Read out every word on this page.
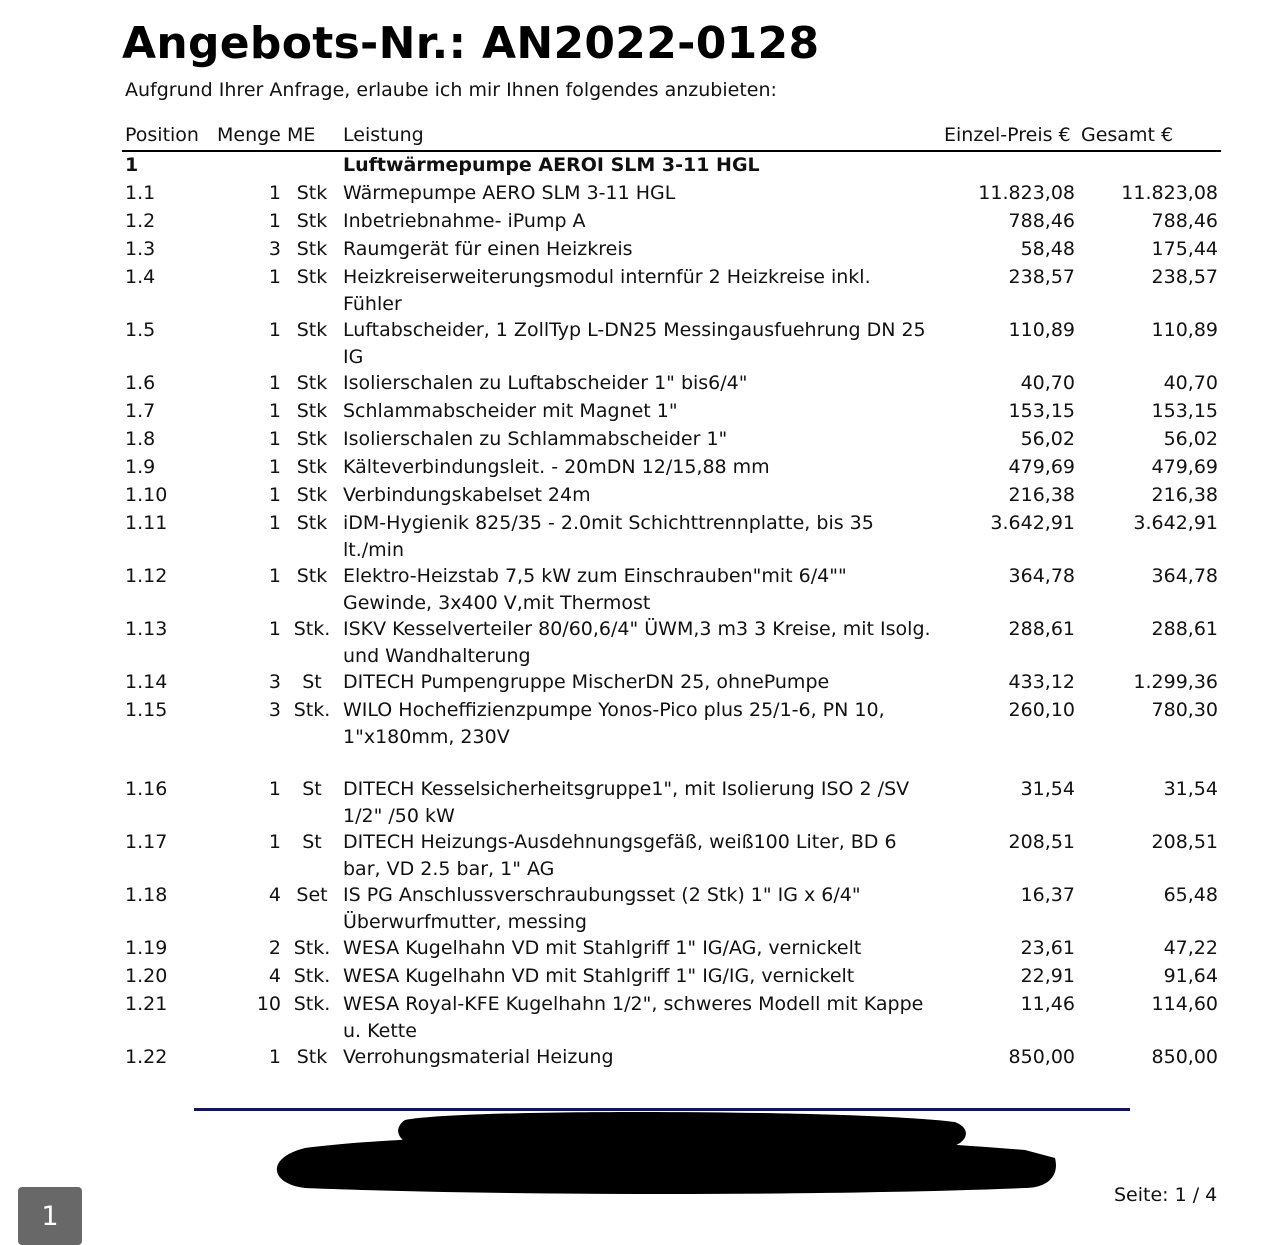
Angebots-Nr.: AN2022-0128
Aufgrund Ihrer Anfrage, erlaube ich mir Ihnen folgendes anzubieten:
Position	Menge	ME	Leistung	Einzel-Preis €	Gesamt €
1			Luftwärmepumpe AEROI SLM 3-11 HGL		
1.1	1	Stk	Wärmepumpe AERO SLM 3-11 HGL	11.823,08	11.823,08
1.2	1	Stk	Inbetriebnahme- iPump A	788,46	788,46
1.3	3	Stk	Raumgerät für einen Heizkreis	58,48	175,44
1.4	1	Stk	Heizkreiserweiterungsmodul internfür 2 Heizkreise inkl. Fühler	238,57	238,57
1.5	1	Stk	Luftabscheider, 1 ZollTyp L-DN25 Messingausfuehrung DN 25 IG	110,89	110,89
1.6	1	Stk	Isolierschalen zu Luftabscheider 1" bis6/4"	40,70	40,70
1.7	1	Stk	Schlammabscheider mit Magnet 1"	153,15	153,15
1.8	1	Stk	Isolierschalen zu Schlammabscheider 1"	56,02	56,02
1.9	1	Stk	Kälteverbindungsleit. - 20mDN 12/15,88 mm	479,69	479,69
1.10	1	Stk	Verbindungskabelset 24m	216,38	216,38
1.11	1	Stk	iDM-Hygienik 825/35 - 2.0mit Schichttrennplatte, bis 35 lt./min	3.642,91	3.642,91
1.12	1	Stk	Elektro-Heizstab 7,5 kW zum Einschrauben"mit 6/4"" Gewinde, 3x400 V,mit Thermost	364,78	364,78
1.13	1	Stk.	ISKV Kesselverteiler 80/60,6/4" ÜWM,3 m3 3 Kreise, mit Isolg. und Wandhalterung	288,61	288,61
1.14	3	St	DITECH Pumpengruppe MischerDN 25, ohnePumpe	433,12	1.299,36
1.15	3	Stk.	WILO Hocheffizienzpumpe Yonos-Pico plus 25/1-6, PN 10, 1"x180mm, 230V	260,10	780,30
1.16	1	St	DITECH Kesselsicherheitsgruppe1", mit Isolierung ISO 2 /SV 1/2" /50 kW	31,54	31,54
1.17	1	St	DITECH Heizungs-Ausdehnungsgefäß, weiß100 Liter, BD 6 bar, VD 2.5 bar, 1" AG	208,51	208,51
1.18	4	Set	IS PG Anschlussverschraubungsset (2 Stk) 1" IG x 6/4" Überwurfmutter, messing	16,37	65,48
1.19	2	Stk.	WESA Kugelhahn VD mit Stahlgriff 1" IG/AG, vernickelt	23,61	47,22
1.20	4	Stk.	WESA Kugelhahn VD mit Stahlgriff 1" IG/IG, vernickelt	22,91	91,64
1.21	10	Stk.	WESA Royal-KFE Kugelhahn 1/2", schweres Modell mit Kappe u. Kette	11,46	114,60
1.22	1	Stk	Verrohungsmaterial Heizung	850,00	850,00
Seite: 1 / 4
1
